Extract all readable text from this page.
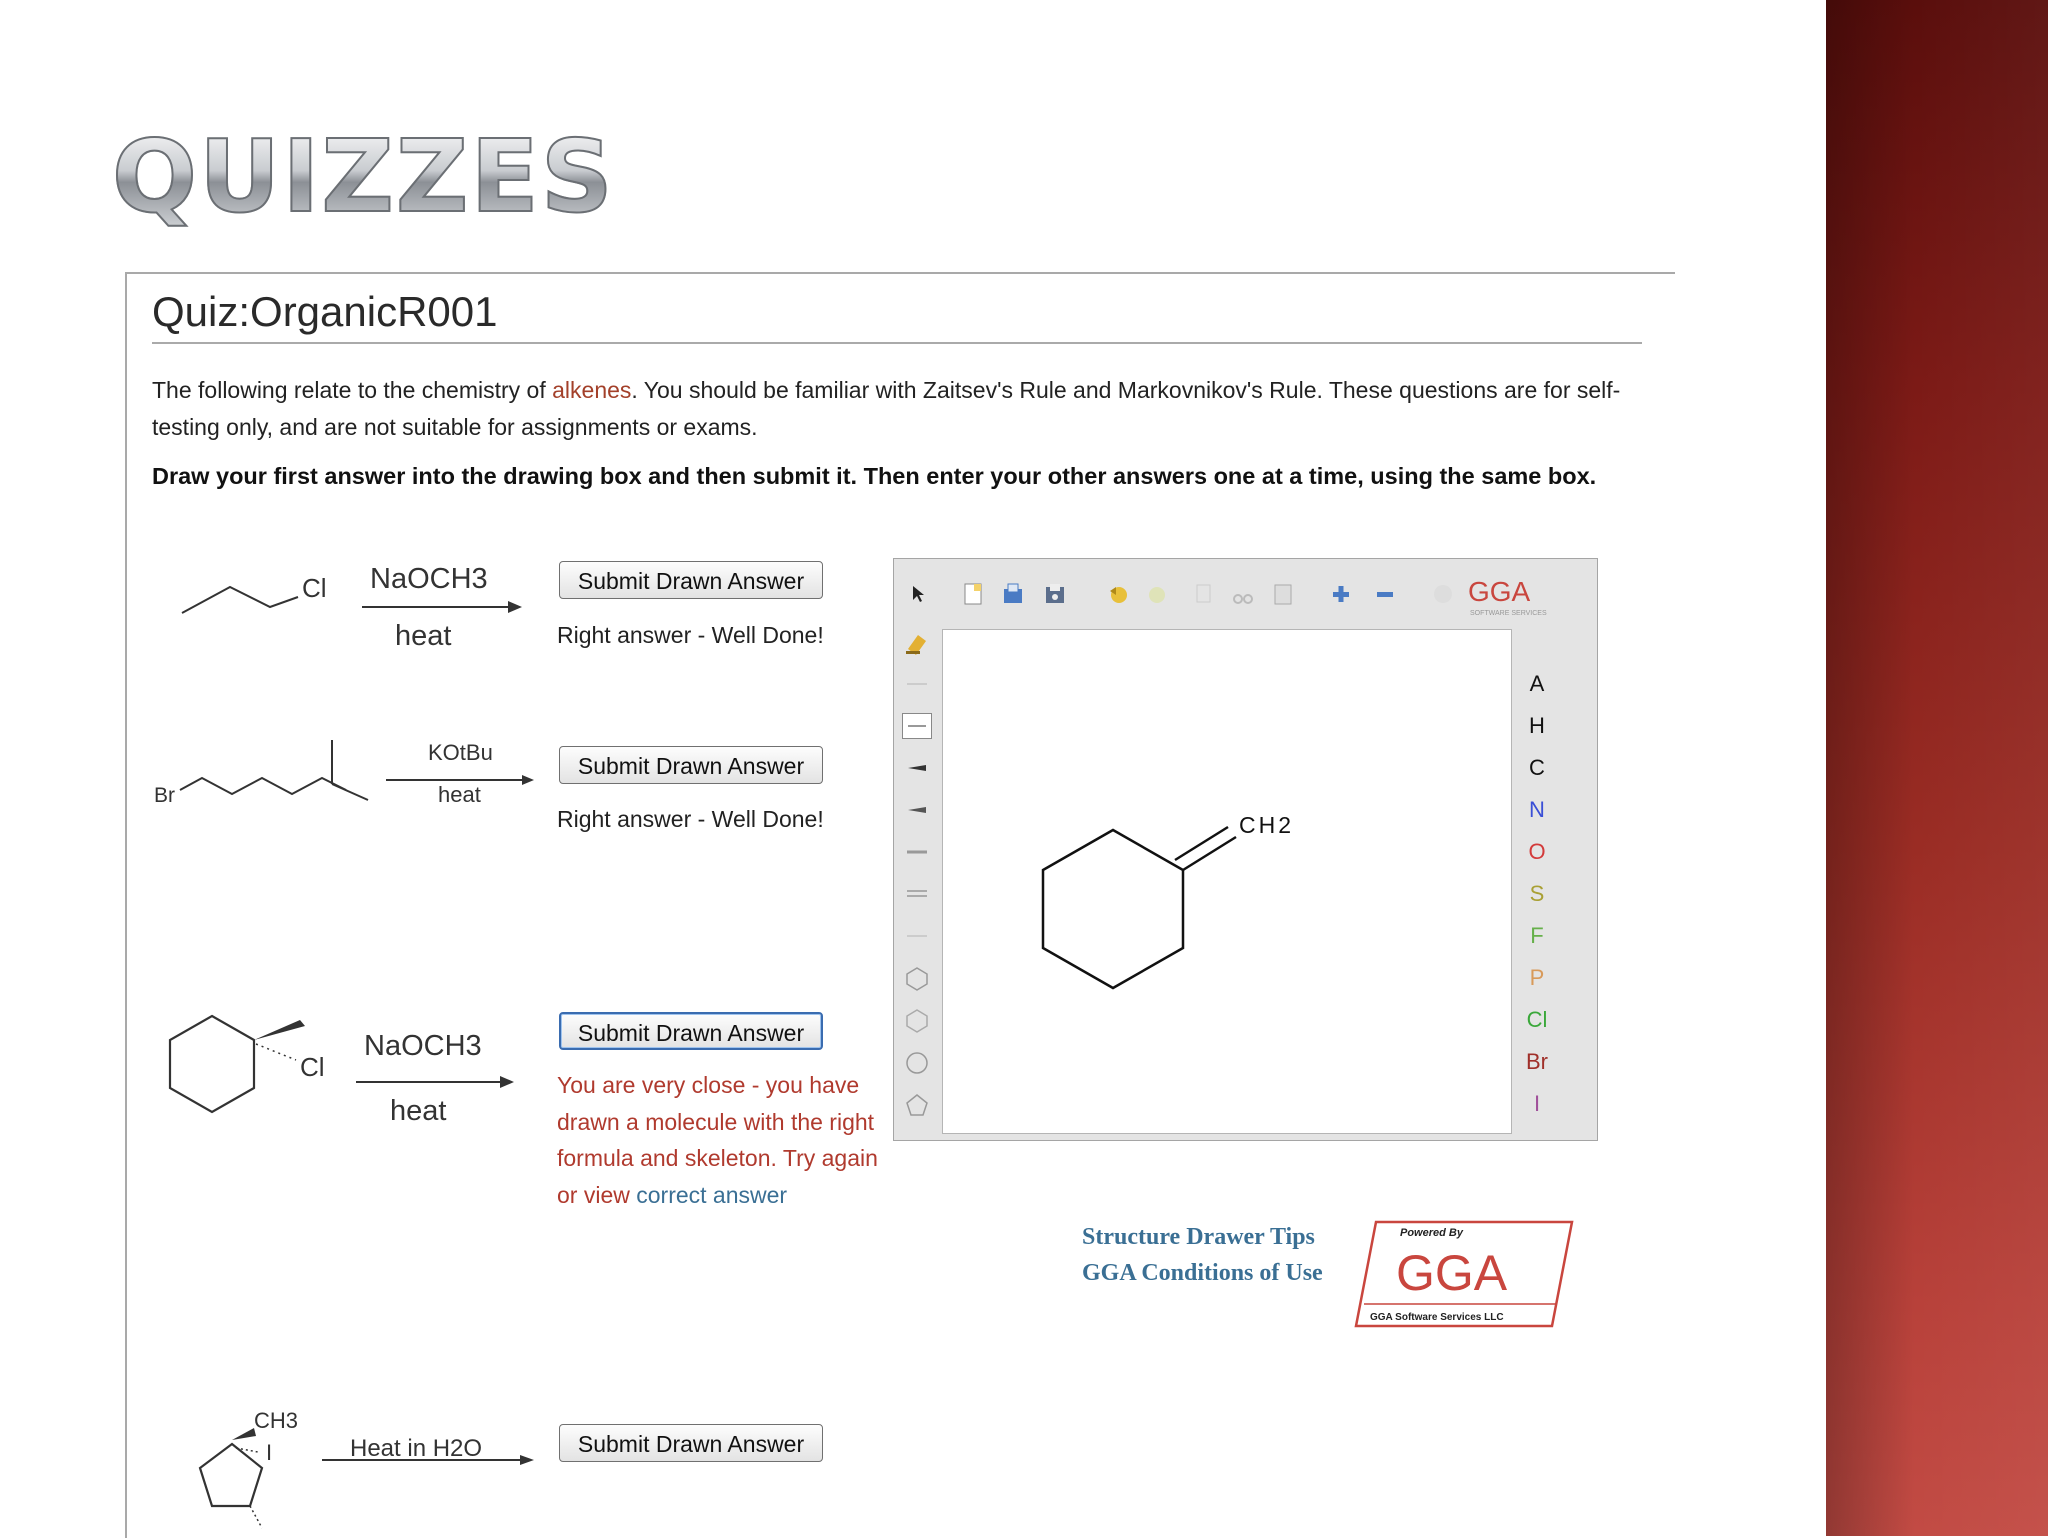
QUIZZES
Quiz:OrganicR001
The following relate to the chemistry of alkenes. You should be familiar with Zaitsev's Rule and Markovnikov's Rule. These questions are for self-testing only, and are not suitable for assignments or exams.
Draw your first answer into the drawing box and then submit it. Then enter your other answers one at a time, using the same box.
Cl NaOCH3
heat
Submit Drawn Answer
Right answer - Well Done!
Br
KOtBu
heat
Submit Drawn Answer
Right answer - Well Done!
Cl
NaOCH3
heat
Submit Drawn Answer
You are very close - you have drawn a molecule with the right formula and skeleton. Try again or view correct answer
CH3
I	Heat in H2O	Submit Drawn Answer
GGA
SOFTWARE SERVICES
CH2
A
H
C
N
O
S
F
P
Cl
Br
I
Structure Drawer Tips
GGA Conditions of Use
Powered By
GGA
GGA Software Services LLC
